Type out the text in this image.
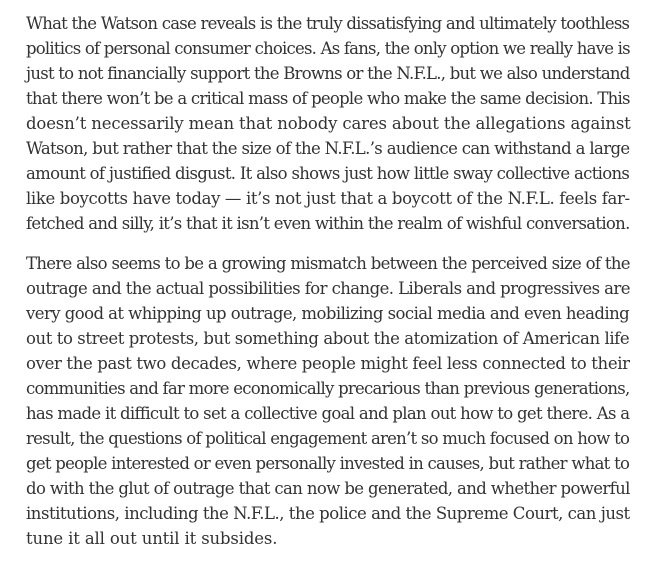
What the Watson case reveals is the truly dissatisfying and ultimately toothless
politics of personal consumer choices. As fans, the only option we really have is
just to not financially support the Browns or the N.F.L., but we also understand
that there won’t be a critical mass of people who make the same decision. This
doesn’t necessarily mean that nobody cares about the allegations against
Watson, but rather that the size of the N.F.L.’s audience can withstand a large
amount of justified disgust. It also shows just how little sway collective actions
like boycotts have today — it’s not just that a boycott of the N.F.L. feels far-
fetched and silly, it’s that it isn’t even within the realm of wishful conversation.

There also seems to be a growing mismatch between the perceived size of the
outrage and the actual possibilities for change. Liberals and progressives are
very good at whipping up outrage, mobilizing social media and even heading
out to street protests, but something about the atomization of American life
over the past two decades, where people might feel less connected to their
communities and far more economically precarious than previous generations,
has made it difficult to set a collective goal and plan out how to get there. As a
result, the questions of political engagement aren’t so much focused on how to
get people interested or even personally invested in causes, but rather what to
do with the glut of outrage that can now be generated, and whether powerful
institutions, including the N.F.L., the police and the Supreme Court, can just
tune it all out until it subsides.
